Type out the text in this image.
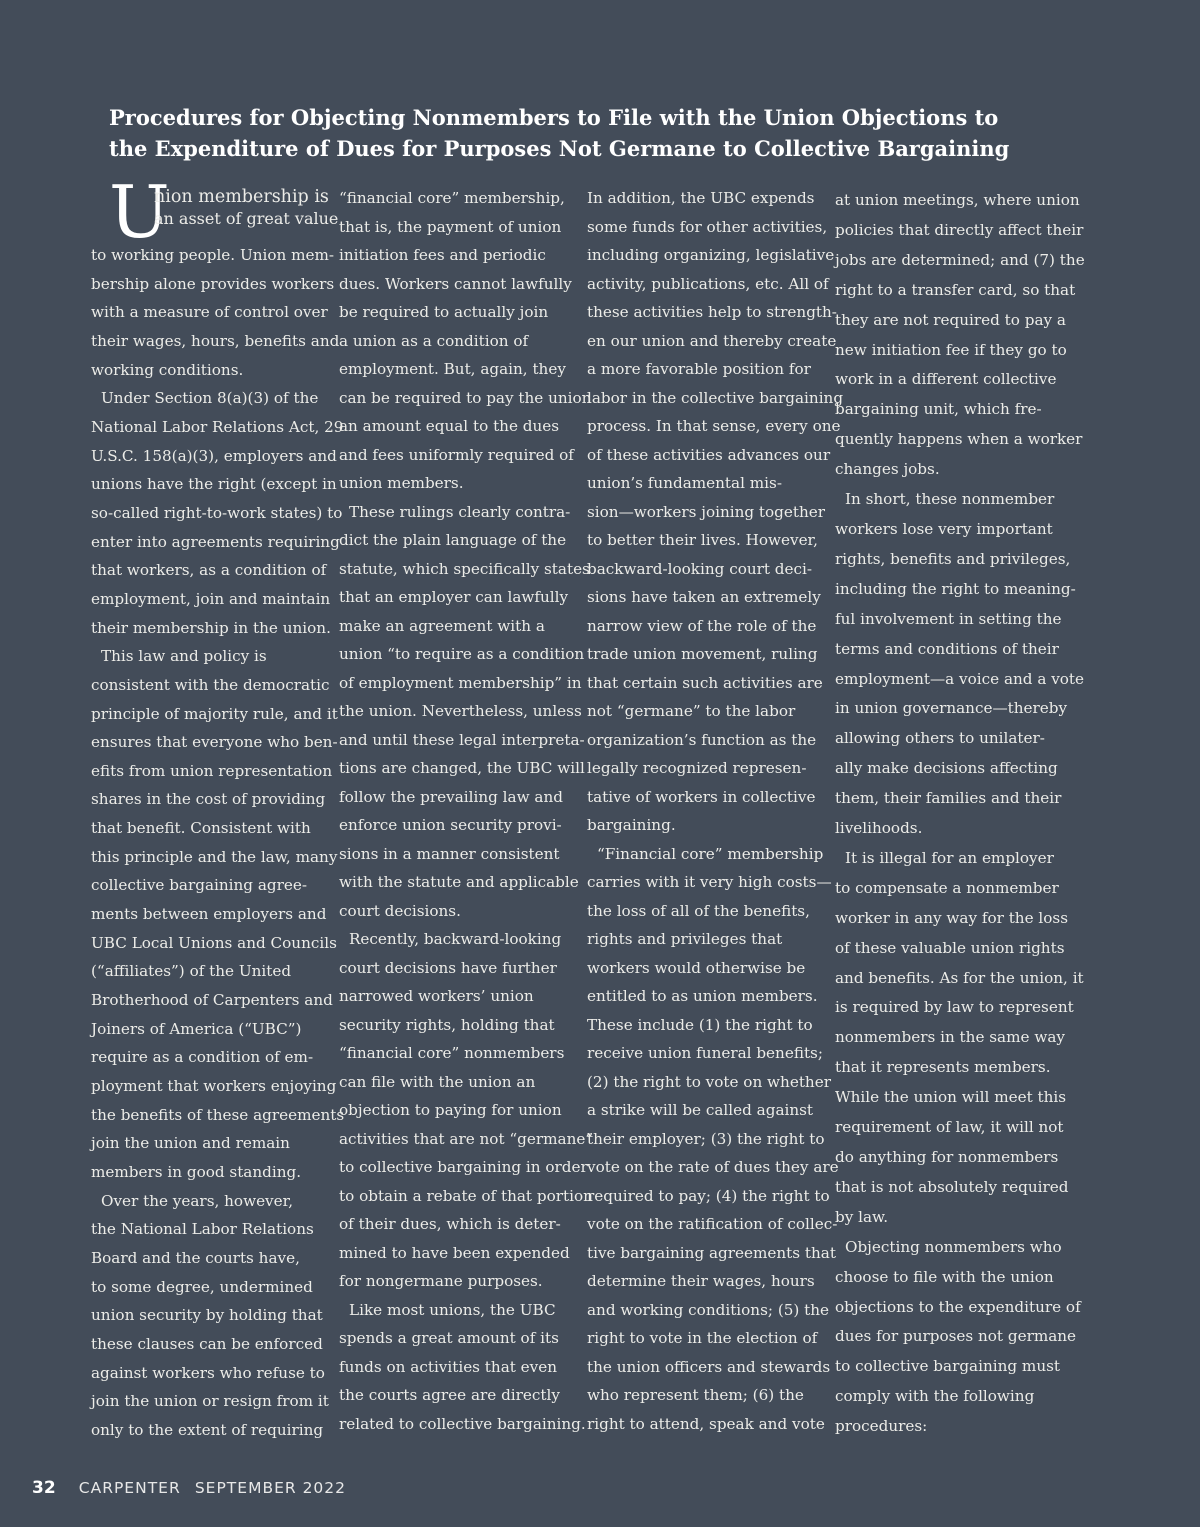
Procedures for Objecting Nonmembers to File with the Union Objections to
the Expenditure of Dues for Purposes Not Germane to Collective Bargaining
U

nion membership is

an asset of great value

to working people. Union mem-

bership alone provides workers

with a measure of control over

their wages, hours, benefits and

working conditions.

Under Section 8(a)(3) of the

National Labor Relations Act, 29

U.S.C. 158(a)(3), employers and

unions have the right (except in

so-called right-to-work states) to

enter into agreements requiring

that workers, as a condition of

employment, join and maintain

their membership in the union.

This law and policy is

consistent with the democratic

principle of majority rule, and it

ensures that everyone who ben-

efits from union representation

shares in the cost of providing

that benefit. Consistent with

this principle and the law, many

collective bargaining agree-

ments between employers and

UBC Local Unions and Councils

(“affiliates”) of the United

Brotherhood of Carpenters and

Joiners of America (“UBC”)

require as a condition of em-

ployment that workers enjoying

the benefits of these agreements

join the union and remain

members in good standing.

Over the years, however,

the National Labor Relations

Board and the courts have,

to some degree, undermined

union security by holding that

these clauses can be enforced

against workers who refuse to

join the union or resign from it

only to the extent of requiring

“financial core” membership,

that is, the payment of union

initiation fees and periodic

dues. Workers cannot lawfully

be required to actually join

a union as a condition of

employment. But, again, they

can be required to pay the union

an amount equal to the dues

and fees uniformly required of

union members.

These rulings clearly contra-

dict the plain language of the

statute, which specifically states

that an employer can lawfully

make an agreement with a

union “to require as a condition

of employment membership” in

the union. Nevertheless, unless

and until these legal interpreta-

tions are changed, the UBC will

follow the prevailing law and

enforce union security provi-

sions in a manner consistent

with the statute and applicable

court decisions.

Recently, backward-looking

court decisions have further

narrowed workers’ union

security rights, holding that

“financial core” nonmembers

can file with the union an

objection to paying for union

activities that are not “germane”

to collective bargaining in order

to obtain a rebate of that portion

of their dues, which is deter-

mined to have been expended

for nongermane purposes.

Like most unions, the UBC

spends a great amount of its

funds on activities that even

the courts agree are directly

related to collective bargaining.

In addition, the UBC expends

some funds for other activities,

including organizing, legislative

activity, publications, etc. All of

these activities help to strength-

en our union and thereby create

a more favorable position for

labor in the collective bargaining

process. In that sense, every one

of these activities advances our

union’s fundamental mis-

sion—workers joining together

to better their lives. However,

backward-looking court deci-

sions have taken an extremely

narrow view of the role of the

trade union movement, ruling

that certain such activities are

not “germane” to the labor

organization’s function as the

legally recognized represen-

tative of workers in collective

bargaining.

“Financial core” membership

carries with it very high costs—

the loss of all of the benefits,

rights and privileges that

workers would otherwise be

entitled to as union members.

These include (1) the right to

receive union funeral benefits;

(2) the right to vote on whether

a strike will be called against

their employer; (3) the right to

vote on the rate of dues they are

required to pay; (4) the right to

vote on the ratification of collec-

tive bargaining agreements that

determine their wages, hours

and working conditions; (5) the

right to vote in the election of

the union officers and stewards

who represent them; (6) the

right to attend, speak and vote

at union meetings, where union

policies that directly affect their

jobs are determined; and (7) the

right to a transfer card, so that

they are not required to pay a

new initiation fee if they go to

work in a different collective

bargaining unit, which fre-

quently happens when a worker

changes jobs.

In short, these nonmember

workers lose very important

rights, benefits and privileges,

including the right to meaning-

ful involvement in setting the

terms and conditions of their

employment—a voice and a vote

in union governance—thereby

allowing others to unilater-

ally make decisions affecting

them, their families and their

livelihoods.

It is illegal for an employer

to compensate a nonmember

worker in any way for the loss

of these valuable union rights

and benefits. As for the union, it

is required by law to represent

nonmembers in the same way

that it represents members.

While the union will meet this

requirement of law, it will not

do anything for nonmembers

that is not absolutely required

by law.

Objecting nonmembers who

choose to file with the union

objections to the expenditure of

dues for purposes not germane

to collective bargaining must

comply with the following

procedures:

32 CARPENTER SEPTEMBER 2022
